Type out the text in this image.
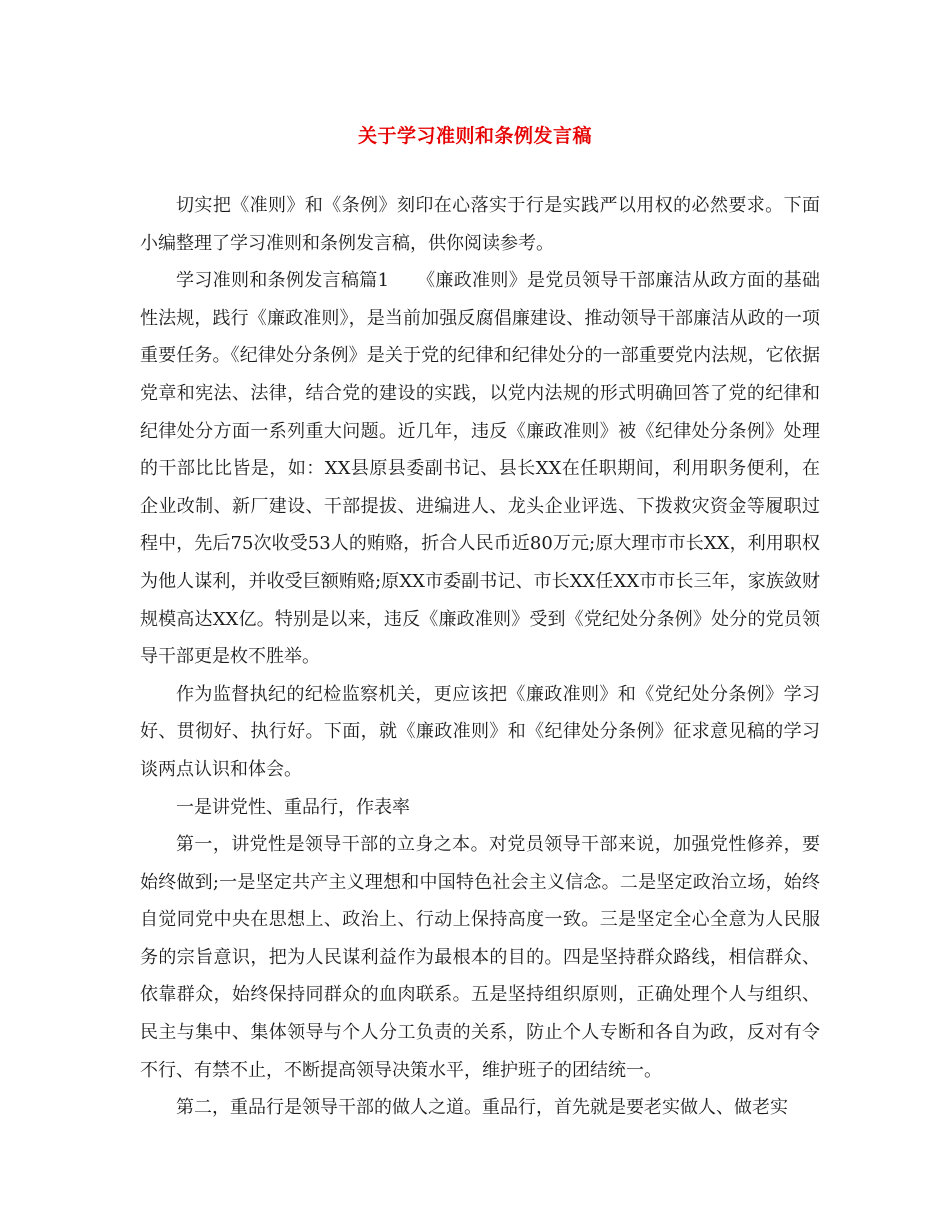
关于学习准则和条例发言稿

切实把《准则》和《条例》刻印在心落实于行是实践严以用权的必然要求。下面小编整理了学习准则和条例发言稿，供你阅读参考。

学习准则和条例发言稿篇1　　《廉政准则》是党员领导干部廉洁从政方面的基础性法规，践行《廉政准则》，是当前加强反腐倡廉建设、推动领导干部廉洁从政的一项重要任务。《纪律处分条例》是关于党的纪律和纪律处分的一部重要党内法规，它依据党章和宪法、法律，结合党的建设的实践，以党内法规的形式明确回答了党的纪律和纪律处分方面一系列重大问题。近几年，违反《廉政准则》被《纪律处分条例》处理的干部比比皆是，如：XX县原县委副书记、县长XX在任职期间，利用职务便利，在企业改制、新厂建设、干部提拔、进编进人、龙头企业评选、下拨救灾资金等履职过程中，先后75次收受53人的贿赂，折合人民币近80万元;原大理市市长XX，利用职权为他人谋利，并收受巨额贿赂;原XX市委副书记、市长XX任XX市市长三年，家族敛财规模高达XX亿。特别是以来，违反《廉政准则》受到《党纪处分条例》处分的党员领导干部更是枚不胜举。

作为监督执纪的纪检监察机关，更应该把《廉政准则》和《党纪处分条例》学习好、贯彻好、执行好。下面，就《廉政准则》和《纪律处分条例》征求意见稿的学习谈两点认识和体会。

一是讲党性、重品行，作表率

第一，讲党性是领导干部的立身之本。对党员领导干部来说，加强党性修养，要始终做到;一是坚定共产主义理想和中国特色社会主义信念。二是坚定政治立场，始终自觉同党中央在思想上、政治上、行动上保持高度一致。三是坚定全心全意为人民服务的宗旨意识，把为人民谋利益作为最根本的目的。四是坚持群众路线，相信群众、依靠群众，始终保持同群众的血肉联系。五是坚持组织原则，正确处理个人与组织、民主与集中、集体领导与个人分工负责的关系，防止个人专断和各自为政，反对有令不行、有禁不止，不断提高领导决策水平，维护班子的团结统一。

第二，重品行是领导干部的做人之道。重品行，首先就是要老实做人、做老实
